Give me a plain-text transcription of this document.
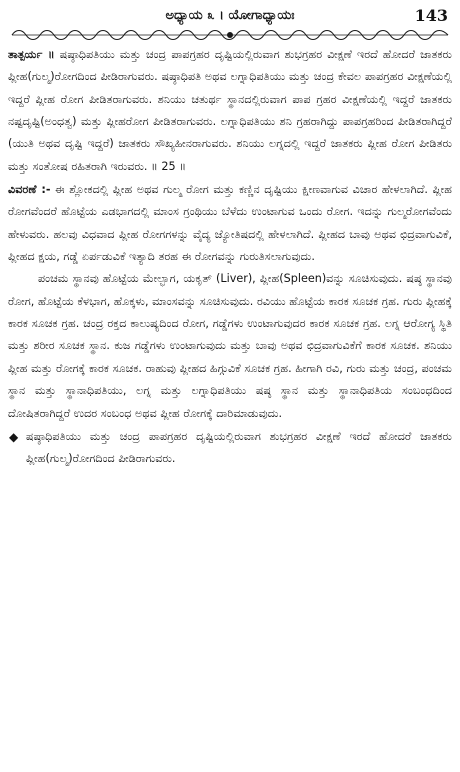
ಅಧ್ಯಾಯ ೩ । ಯೋಗಾಧ್ಯಾಯಃ	143

ತಾತ್ಪರ್ಯ ॥ ಷಷ್ಠಾಧಿಪತಿಯು ಮತ್ತು ಚಂದ್ರ ಪಾಪಗ್ರಹರ ದೃಷ್ಟಿಯಲ್ಲಿರುವಾಗ ಶುಭಗ್ರಹರ ವೀಕ್ಷಣೆ ಇರದೆ ಹೋದರೆ ಜಾತಕರು ಪ್ಲೀಹ(ಗುಲ್ಮ)ರೋಗದಿಂದ ಪೀಡಿರಾಗುವರು. ಷಷ್ಠಾಧಿಪತಿ ಅಥವ ಲಗ್ನಾಧಿಪತಿಯು ಮತ್ತು ಚಂದ್ರ ಕೇವಲ ಪಾಪಗ್ರಹರ ವೀಕ್ಷಣೆಯಲ್ಲಿ ಇದ್ದರೆ ಪ್ಲೀಹ ರೋಗ ಪೀಡಿತರಾಗುವರು. ಶನಿಯು ಚತುರ್ಥ ಸ್ಥಾನದಲ್ಲಿರುವಾಗ ಪಾಪ ಗ್ರಹರ ವೀಕ್ಷಣೆಯಲ್ಲಿ ಇದ್ದರೆ ಜಾತಕರು ನಷ್ಟದೃಷ್ಟಿ(ಅಂಧತ್ವ) ಮತ್ತು ಪ್ಲೀಹರೋಗ ಪೀಡಿತರಾಗುವರು. ಲಗ್ನಾಧಿಪತಿಯು ಶನಿ ಗ್ರಹರಾಗಿದ್ದು ಪಾಪಗ್ರಹರಿಂದ ಪೀಡಿತರಾಗಿದ್ದರೆ (ಯುತಿ ಅಥವ ದೃಷ್ಟಿ ಇದ್ದರೆ) ಜಾತಕರು ಸೌಖ್ಯಹೀನರಾಗುವರು. ಶನಿಯು ಲಗ್ನದಲ್ಲಿ ಇದ್ದರೆ ಜಾತಕರು ಪ್ಲೀಹ ರೋಗ ಪೀಡಿತರು ಮತ್ತು ಸಂತೋಷ ರಹಿತರಾಗಿ ಇರುವರು. ॥ 25 ॥

ವಿವರಣೆ :- ಈ ಶ್ಲೋಕದಲ್ಲಿ ಪ್ಲೀಹ ಅಥವ ಗುಲ್ಮ ರೋಗ ಮತ್ತು ಕಣ್ಣಿನ ದೃಷ್ಟಿಯು ಕ್ಷೀಣವಾಗುವ ವಿಚಾರ ಹೇಳಲಾಗಿದೆ. ಪ್ಲೀಹ ರೋಗವೆಂದರೆ ಹೊಟ್ಟೆಯ ಎಡಭಾಗದಲ್ಲಿ ಮಾಂಸ ಗ್ರಂಥಿಯು ಬೆಳೆದು ಉಂಟಾಗುವ ಒಂದು ರೋಗ. ಇದನ್ನು ಗುಲ್ಮರೋಗವೆಂದು ಹೇಳುವರು. ಹಲವು ವಿಧವಾದ ಪ್ಲೀಹ ರೋಗಗಳನ್ನು ವೈದ್ಯ ಜ್ಯೋತಿಷದಲ್ಲಿ ಹೇಳಲಾಗಿದೆ. ಪ್ಲೀಹದ ಬಾವು ಅಥವ ಛಿದ್ರವಾಗುವಿಕೆ, ಪ್ಲೀಹದ ಕ್ಷಯ, ಗಡ್ಡೆ ಏರ್ಪಡುವಿಕೆ ಇತ್ಯಾದಿ ತರಹ ಈ ರೋಗವನ್ನು ಗುರುತಿಸಲಾಗುವುದು.

ಪಂಚಮ ಸ್ಥಾನವು ಹೊಟ್ಟೆಯ ಮೇಲ್ಭಾಗ, ಯಕೃತ್ (Liver), ಪ್ಲೀಹ(Spleen)ವನ್ನು ಸೂಚಿಸುವುದು. ಷಷ್ಠ ಸ್ಥಾನವು ರೋಗ, ಹೊಟ್ಟೆಯ ಕೆಳಭಾಗ, ಹೊಕ್ಕಳು, ಮಾಂಸವನ್ನು ಸೂಚಿಸುವುದು. ರವಿಯು ಹೊಟ್ಟೆಯ ಕಾರಕ ಸೂಚಕ ಗ್ರಹ. ಗುರು ಪ್ಲೀಹಕ್ಕೆ ಕಾರಕ ಸೂಚಕ ಗ್ರಹ. ಚಂದ್ರ ರಕ್ತದ ಕಾಲುಷ್ಯದಿಂದ ರೋಗ, ಗಡ್ಡೆಗಳು ಉಂಟಾಗುವುದರ ಕಾರಕ ಸೂಚಕ ಗ್ರಹ. ಲಗ್ನ ಆರೋಗ್ಯ ಸ್ಥಿತಿ ಮತ್ತು ಶರೀರ ಸೂಚಕ ಸ್ಥಾನ. ಕುಜ ಗಡ್ಡೆಗಳು ಉಂಟಾಗುವುದು ಮತ್ತು ಬಾವು ಅಥವ ಛಿದ್ರವಾಗುವಿಕೆಗೆ ಕಾರಕ ಸೂಚಕ. ಶನಿಯು ಪ್ಲೀಹ ಮತ್ತು ರೋಗಕ್ಕೆ ಕಾರಕ ಸೂಚಕ. ರಾಹುವು ಪ್ಲೀಹದ ಹಿಗ್ಗುವಿಕೆ ಸೂಚಕ ಗ್ರಹ. ಹೀಗಾಗಿ ರವಿ, ಗುರು ಮತ್ತು ಚಂದ್ರ, ಪಂಚಮ ಸ್ಥಾನ ಮತ್ತು ಸ್ಥಾನಾಧಿಪತಿಯು, ಲಗ್ನ ಮತ್ತು ಲಗ್ನಾಧಿಪತಿಯು ಷಷ್ಠ ಸ್ಥಾನ ಮತ್ತು ಸ್ಥಾನಾಧಿಪತಿಯ ಸಂಬಂಧದಿಂದ ದೋಷಿತರಾಗಿದ್ದರೆ ಉದರ ಸಂಬಂಧ ಅಥವ ಪ್ಲೀಹ ರೋಗಕ್ಕೆ ದಾರಿಮಾಡುವುದು.

◆ ಷಷ್ಠಾಧಿಪತಿಯು ಮತ್ತು ಚಂದ್ರ ಪಾಪಗ್ರಹರ ದೃಷ್ಟಿಯಲ್ಲಿರುವಾಗ ಶುಭಗ್ರಹರ ವೀಕ್ಷಣೆ ಇರದೆ ಹೋದರೆ ಜಾತಕರು ಪ್ಲೀಹ(ಗುಲ್ಮ)ರೋಗದಿಂದ ಪೀಡಿರಾಗುವರು.
